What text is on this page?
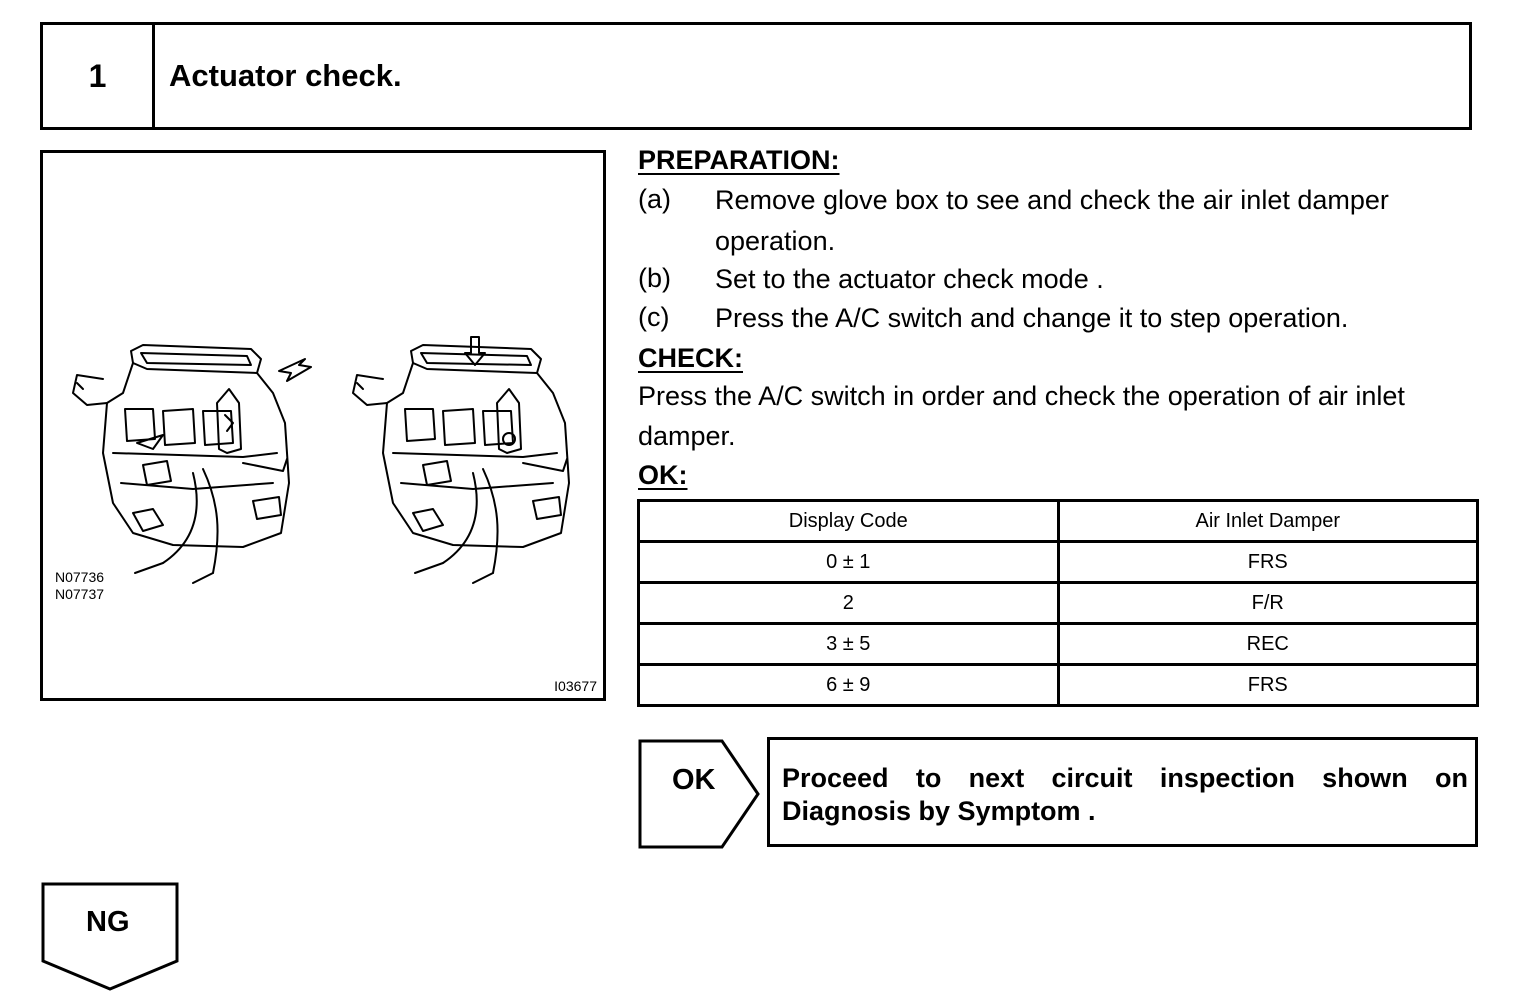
1	Actuator check.
N07736
N07737
I03677
PREPARATION:
(a) Remove glove box to see and check the air inlet damper
operation.
(b) Set to the actuator check mode .
(c) Press the A/C switch and change it to step operation.
CHECK:
Press the A/C switch in order and check the operation of air inlet
damper.
OK:
Display Code	Air Inlet Damper
0 ± 1	FRS
2	F/R
3 ± 5	REC
6 ± 9	FRS
OK Proceed to next circuit inspection shown on Diagnosis by Symptom .
NG
